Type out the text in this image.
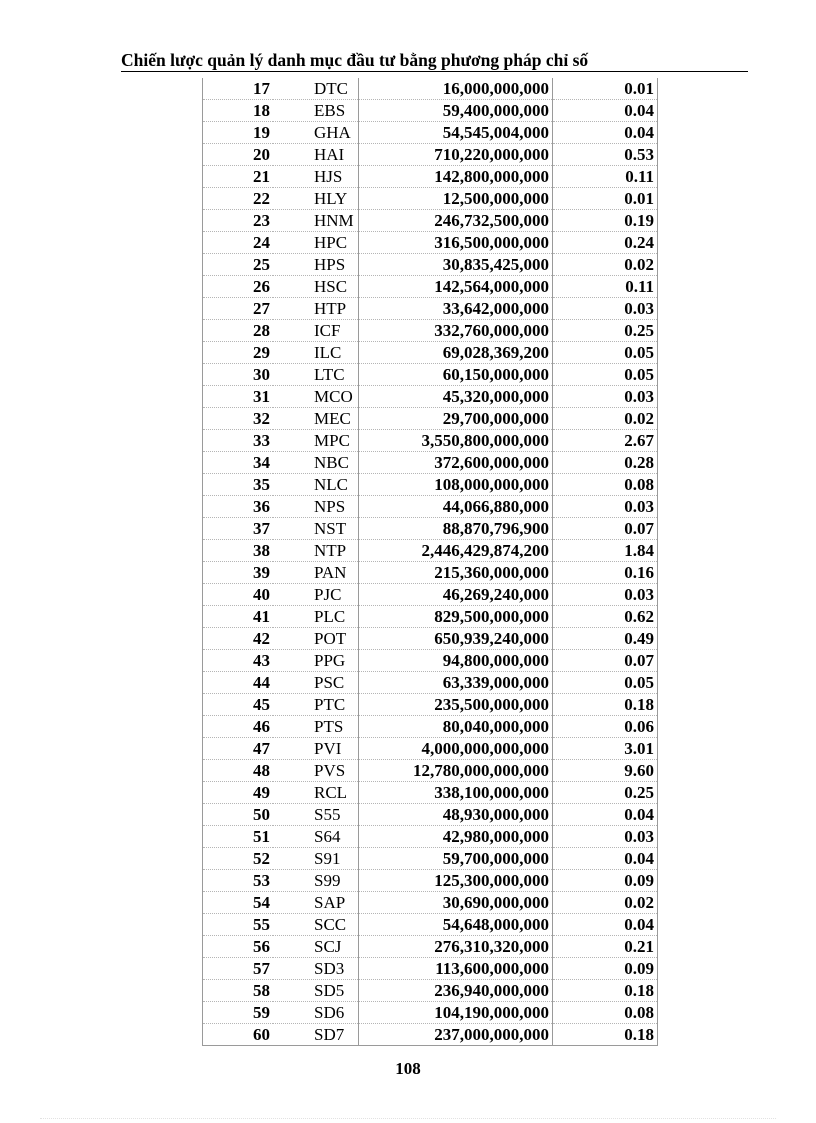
Chiến lược quản lý danh mục đầu tư bằng phương pháp chỉ số
17	DTC	16,000,000,000	0.01
18	EBS	59,400,000,000	0.04
19	GHA	54,545,004,000	0.04
20	HAI	710,220,000,000	0.53
21	HJS	142,800,000,000	0.11
22	HLY	12,500,000,000	0.01
23	HNM	246,732,500,000	0.19
24	HPC	316,500,000,000	0.24
25	HPS	30,835,425,000	0.02
26	HSC	142,564,000,000	0.11
27	HTP	33,642,000,000	0.03
28	ICF	332,760,000,000	0.25
29	ILC	69,028,369,200	0.05
30	LTC	60,150,000,000	0.05
31	MCO	45,320,000,000	0.03
32	MEC	29,700,000,000	0.02
33	MPC	3,550,800,000,000	2.67
34	NBC	372,600,000,000	0.28
35	NLC	108,000,000,000	0.08
36	NPS	44,066,880,000	0.03
37	NST	88,870,796,900	0.07
38	NTP	2,446,429,874,200	1.84
39	PAN	215,360,000,000	0.16
40	PJC	46,269,240,000	0.03
41	PLC	829,500,000,000	0.62
42	POT	650,939,240,000	0.49
43	PPG	94,800,000,000	0.07
44	PSC	63,339,000,000	0.05
45	PTC	235,500,000,000	0.18
46	PTS	80,040,000,000	0.06
47	PVI	4,000,000,000,000	3.01
48	PVS	12,780,000,000,000	9.60
49	RCL	338,100,000,000	0.25
50	S55	48,930,000,000	0.04
51	S64	42,980,000,000	0.03
52	S91	59,700,000,000	0.04
53	S99	125,300,000,000	0.09
54	SAP	30,690,000,000	0.02
55	SCC	54,648,000,000	0.04
56	SCJ	276,310,320,000	0.21
57	SD3	113,600,000,000	0.09
58	SD5	236,940,000,000	0.18
59	SD6	104,190,000,000	0.08
60	SD7	237,000,000,000	0.18
108
